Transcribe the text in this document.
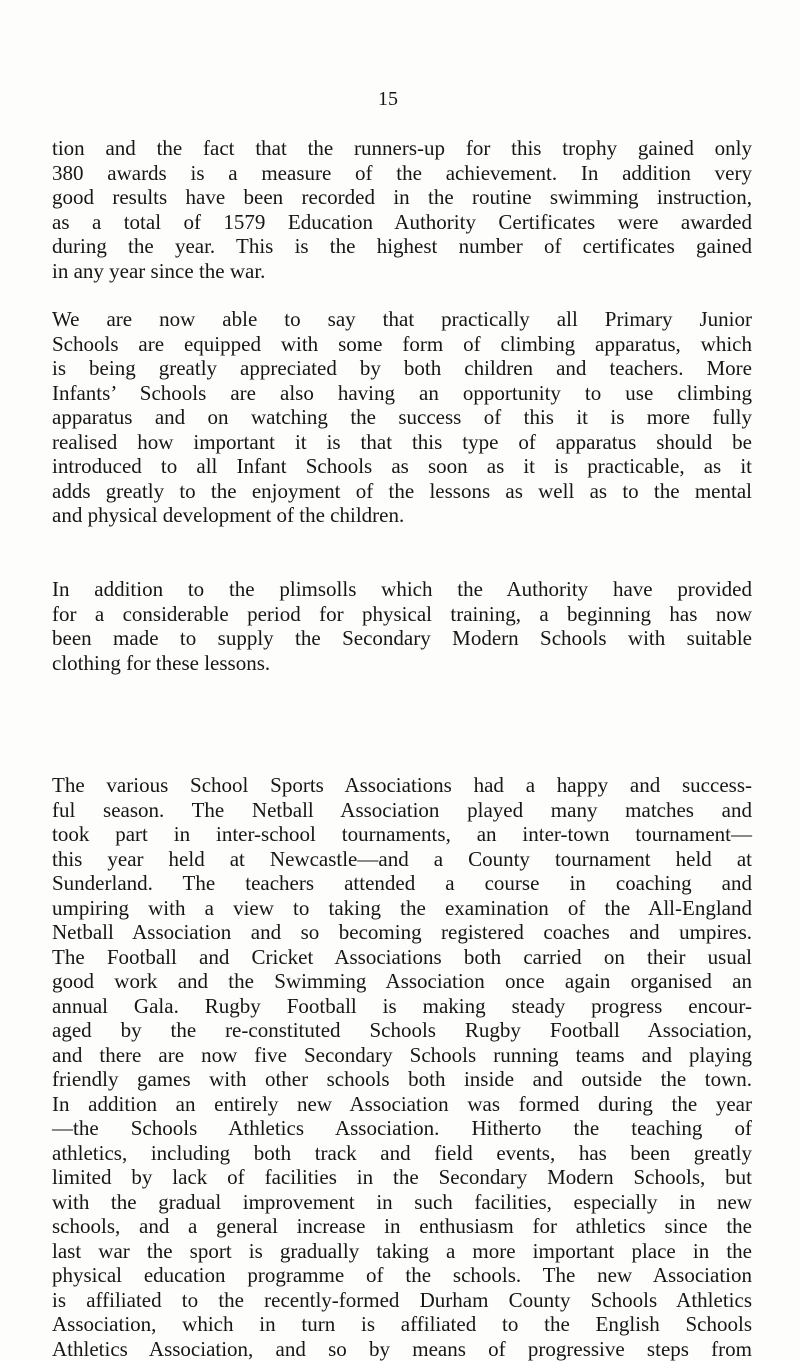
15
tion and the fact that the runners-up for this trophy gained only
380 awards is a measure of the achievement. In addition very
good results have been recorded in the routine swimming instruction,
as a total of 1579 Education Authority Certificates were awarded
during the year. This is the highest number of certificates gained
in any year since the war.
We are now able to say that practically all Primary Junior
Schools are equipped with some form of climbing apparatus, which
is being greatly appreciated by both children and teachers. More
Infants’ Schools are also having an opportunity to use climbing
apparatus and on watching the success of this it is more fully
realised how important it is that this type of apparatus should be
introduced to all Infant Schools as soon as it is practicable, as it
adds greatly to the enjoyment of the lessons as well as to the mental
and physical development of the children.
In addition to the plimsolls which the Authority have provided
for a considerable period for physical training, a beginning has now
been made to supply the Secondary Modern Schools with suitable
clothing for these lessons.
The various School Sports Associations had a happy and success-
ful season. The Netball Association played many matches and
took part in inter-school tournaments, an inter-town tournament—
this year held at Newcastle—and a County tournament held at
Sunderland. The teachers attended a course in coaching and
umpiring with a view to taking the examination of the All-England
Netball Association and so becoming registered coaches and umpires.
The Football and Cricket Associations both carried on their usual
good work and the Swimming Association once again organised an
annual Gala. Rugby Football is making steady progress encour-
aged by the re-constituted Schools Rugby Football Association,
and there are now five Secondary Schools running teams and playing
friendly games with other schools both inside and outside the town.
In addition an entirely new Association was formed during the year
—the Schools Athletics Association. Hitherto the teaching of
athletics, including both track and field events, has been greatly
limited by lack of facilities in the Secondary Modern Schools, but
with the gradual improvement in such facilities, especially in new
schools, and a general increase in enthusiasm for athletics since the
last war the sport is gradually taking a more important place in the
physical education programme of the schools. The new Association
is affiliated to the recently-formed Durham County Schools Athletics
Association, which in turn is affiliated to the English Schools
Athletics Association, and so by means of progressive steps from
